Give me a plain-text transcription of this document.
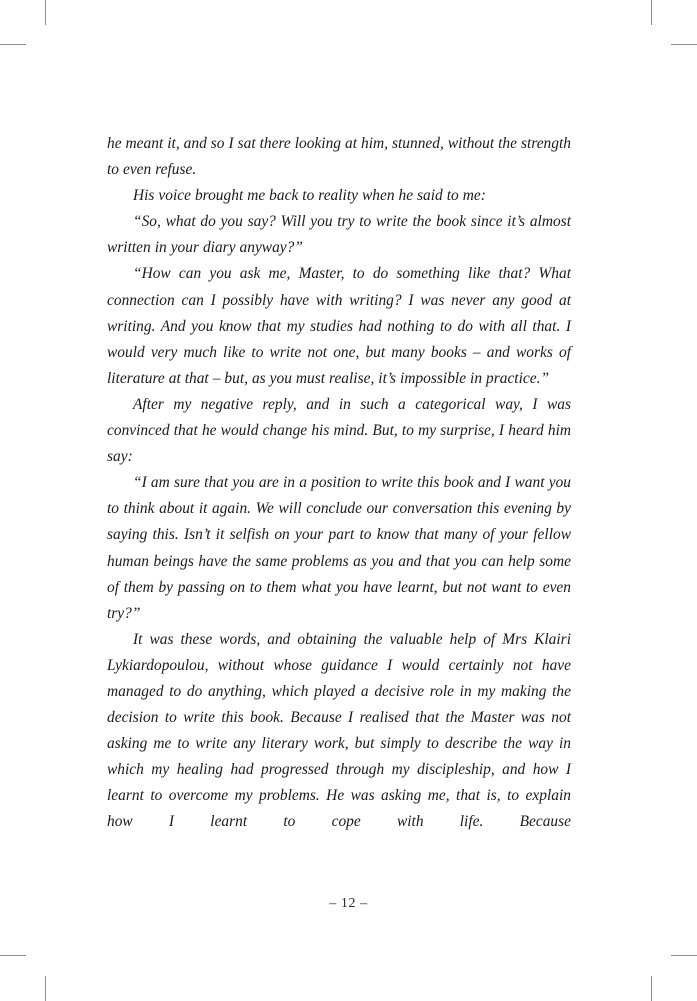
he meant it, and so I sat there looking at him, stunned, without the strength to even refuse.

His voice brought me back to reality when he said to me:

“So, what do you say? Will you try to write the book since it’s almost written in your diary anyway?”

“How can you ask me, Master, to do something like that? What connection can I possibly have with writing? I was never any good at writing. And you know that my studies had nothing to do with all that. I would very much like to write not one, but many books – and works of literature at that – but, as you must realise, it’s impossible in practice.”

After my negative reply, and in such a categorical way, I was convinced that he would change his mind. But, to my surprise, I heard him say:

“I am sure that you are in a position to write this book and I want you to think about it again. We will conclude our conversation this evening by saying this. Isn’t it selfish on your part to know that many of your fellow human beings have the same problems as you and that you can help some of them by passing on to them what you have learnt, but not want to even try?”

It was these words, and obtaining the valuable help of Mrs Klairi Lykiardopoulou, without whose guidance I would certainly not have managed to do anything, which played a decisive role in my making the decision to write this book. Because I realised that the Master was not asking me to write any literary work, but simply to describe the way in which my healing had progressed through my discipleship, and how I learnt to overcome my problems. He was asking me, that is, to explain how I learnt to cope with life. Because

– 12 –
